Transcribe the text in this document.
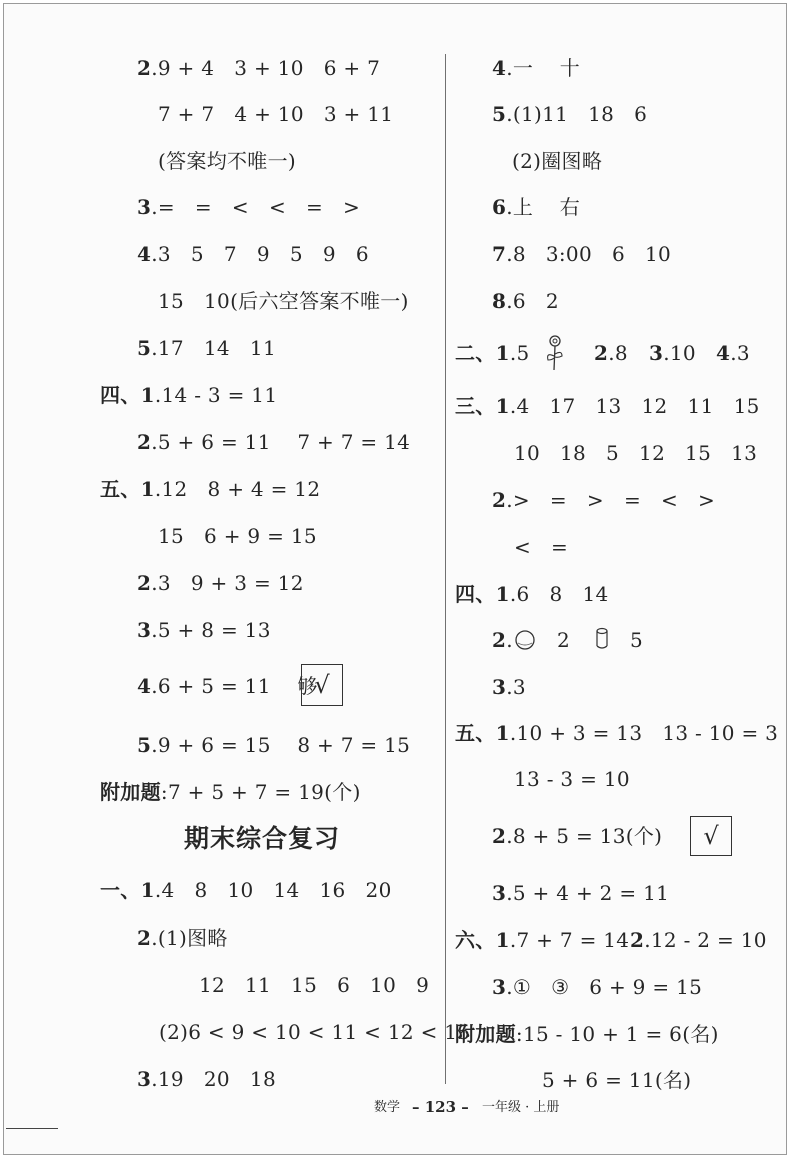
2.9 + 4   3 + 10   6 + 7
7 + 7   4 + 10   3 + 11
(答案均不唯一)
3.=   =   <   <   =   >
4.3   5   7   9   5   9   6
15   10(后六空答案不唯一)
5.17   14   11
四、1.14 - 3 = 11
2.5 + 6 = 11    7 + 7 = 14
五、1.12   8 + 4 = 12
15   6 + 9 = 15
2.3   9 + 3 = 12
3.5 + 8 = 13
4.6 + 5 = 11    够
√
5.9 + 6 = 15    8 + 7 = 15
附加题:7 + 5 + 7 = 19(个)
期末综合复习
一、1.4   8   10   14   16   20
2.(1)图略
12   11   15   6   10   9
(2)6 < 9 < 10 < 11 < 12 < 15
3.19   20   18
4.一    十
5.(1)11   18   6
(2)圈图略
6.上    右
7.8   3:00   6   10
8.6   2
二、1.5	2.8 3.10 4.3
三、1.4   17   13   12   11   15
10   18   5   12   15   13
2.>   =   >   =   <   >
<   =
四、1.6   8   14
2. 2	5
3.3
五、1.10 + 3 = 13   13 - 10 = 3
13 - 3 = 10
2.8 + 5 = 13(个)	√
3.5 + 4 + 2 = 11
六、1.7 + 7 = 14 2.12 - 2 = 10
3.①   ③   6 + 9 = 15
附加题:15 - 10 + 1 = 6(名)
5 + 6 = 11(名)
数学 – 123 – 一年级 · 上册
